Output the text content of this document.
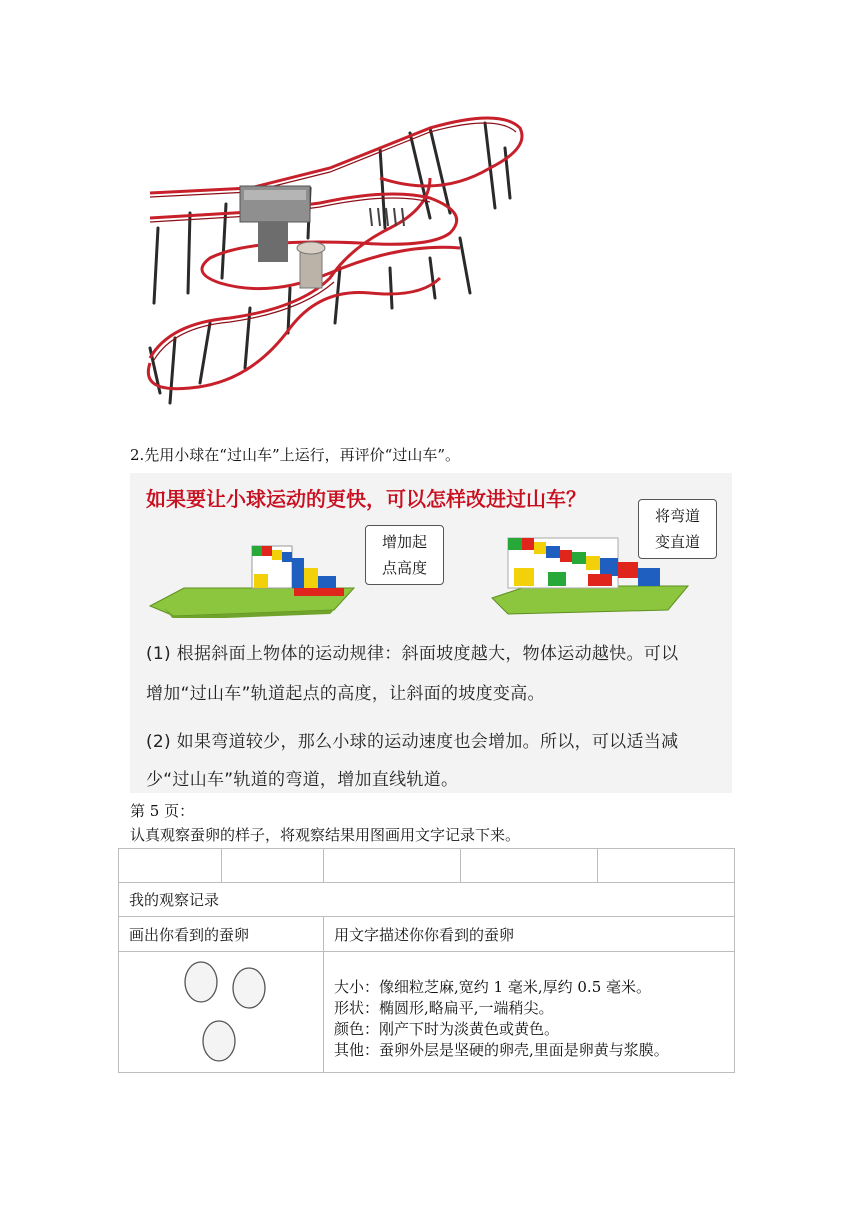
2.先用小球在“过山车”上运行，再评价“过山车”。
如果要让小球运动的更快，可以怎样改进过山车？
增加起
点高度
将弯道
变直道
(1) 根据斜面上物体的运动规律：斜面坡度越大，物体运动越快。可以
增加“过山车”轨道起点的高度，让斜面的坡度变高。
(2) 如果弯道较少，那么小球的运动速度也会增加。所以，可以适当减
少“过山车”轨道的弯道，增加直线轨道。
第 5 页：
认真观察蚕卵的样子，将观察结果用图画用文字记录下来。

我的观察记录				
画出你看到的蚕卵		用文字描述你你看到的蚕卵		

大小：像细粒芝麻,宽约 1 毫米,厚约 0.5 毫米。
形状：椭圆形,略扁平,一端稍尖。
颜色：刚产下时为淡黄色或黄色。
其他：蚕卵外层是坚硬的卵壳,里面是卵黄与浆膜。		
